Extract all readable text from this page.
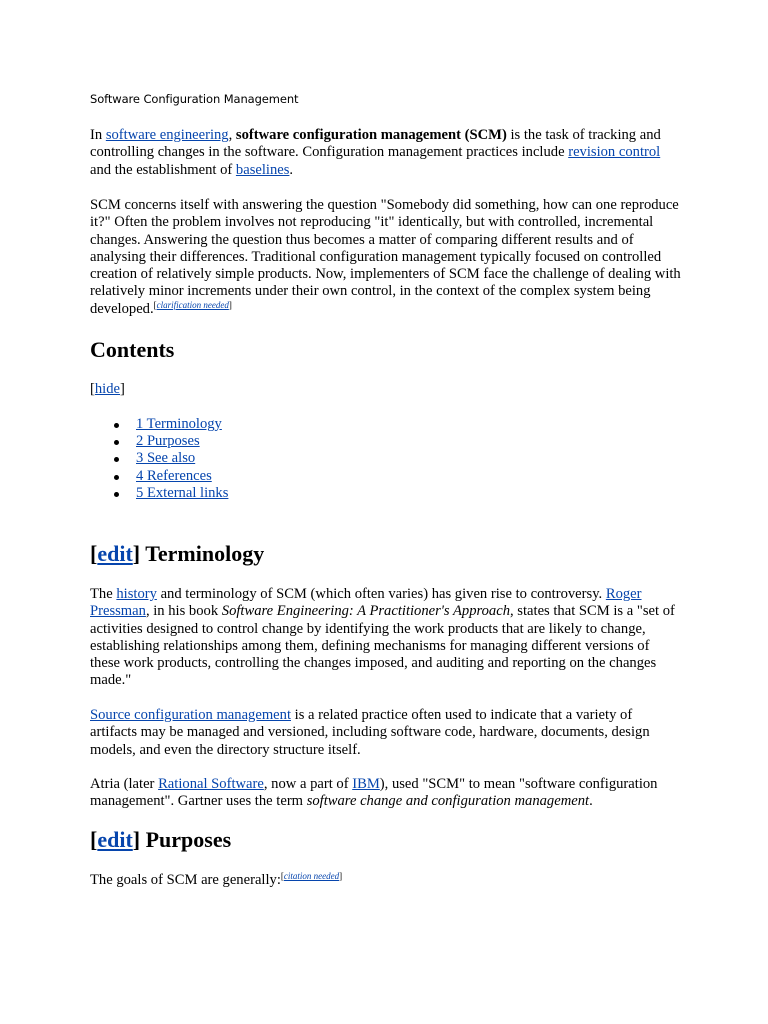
Software Configuration Management

In software engineering, software configuration management (SCM) is the task of tracking and controlling changes in the software. Configuration management practices include revision control and the establishment of baselines.

SCM concerns itself with answering the question "Somebody did something, how can one reproduce it?" Often the problem involves not reproducing "it" identically, but with controlled, incremental changes. Answering the question thus becomes a matter of comparing different results and of analysing their differences. Traditional configuration management typically focused on controlled creation of relatively simple products. Now, implementers of SCM face the challenge of dealing with relatively minor increments under their own control, in the context of the complex system being developed.[clarification needed]

Contents
[hide]
1 Terminology
2 Purposes
3 See also
4 References
5 External links
[edit] Terminology

The history and terminology of SCM (which often varies) has given rise to controversy. Roger Pressman, in his book Software Engineering: A Practitioner's Approach, states that SCM is a "set of activities designed to control change by identifying the work products that are likely to change, establishing relationships among them, defining mechanisms for managing different versions of these work products, controlling the changes imposed, and auditing and reporting on the changes made."

Source configuration management is a related practice often used to indicate that a variety of artifacts may be managed and versioned, including software code, hardware, documents, design models, and even the directory structure itself.

Atria (later Rational Software, now a part of IBM), used "SCM" to mean "software configuration management". Gartner uses the term software change and configuration management.

[edit] Purposes

The goals of SCM are generally:[citation needed]
